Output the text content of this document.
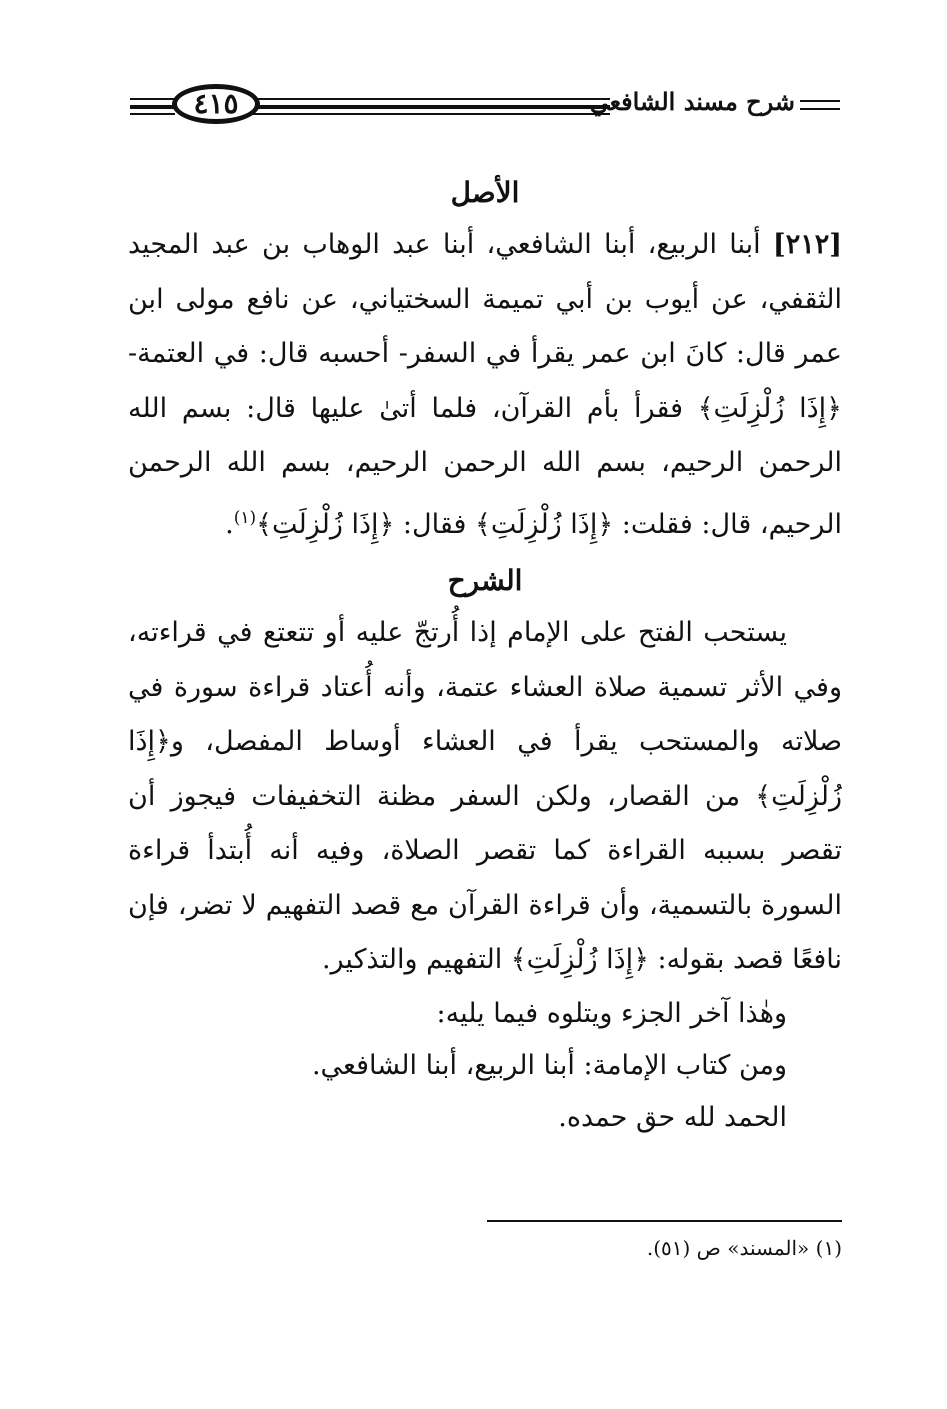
٤١٥	شرح مسند الشافعي
الأصل

[٢١٢] أبنا الربيع، أبنا الشافعي، أبنا عبد الوهاب بن عبد المجيد الثقفي، عن أيوب بن أبي تميمة السختياني، عن نافع مولى ابن عمر قال: كانَ ابن عمر يقرأ في السفر- أحسبه قال: في العتمة- ﴿إِذَا زُلْزِلَتِ﴾ فقرأ بأم القرآن، فلما أتىٰ عليها قال: بسم الله الرحمن الرحيم، بسم الله الرحمن الرحيم، بسم الله الرحمن الرحيم، قال: فقلت: ﴿إِذَا زُلْزِلَتِ﴾ فقال: ﴿إِذَا زُلْزِلَتِ﴾$^{(١)}$.

الشرح

يستحب الفتح على الإمام إذا أُرتجّ عليه أو تتعتع في قراءته، وفي الأثر تسمية صلاة العشاء عتمة، وأنه أُعتاد قراءة سورة في صلاته والمستحب يقرأ في العشاء أوساط المفصل، و﴿إِذَا زُلْزِلَتِ﴾ من القصار، ولكن السفر مظنة التخفيفات فيجوز أن تقصر بسببه القراءة كما تقصر الصلاة، وفيه أنه أُبتدأ قراءة السورة بالتسمية، وأن قراءة القرآن مع قصد التفهيم لا تضر، فإن نافعًا قصد بقوله: ﴿إِذَا زُلْزِلَتِ﴾ التفهيم والتذكير.

وهٰذا آخر الجزء ويتلوه فيما يليه:

ومن كتاب الإمامة: أبنا الربيع، أبنا الشافعي.

الحمد لله حق حمده.

(١) «المسند» ص (٥١).
